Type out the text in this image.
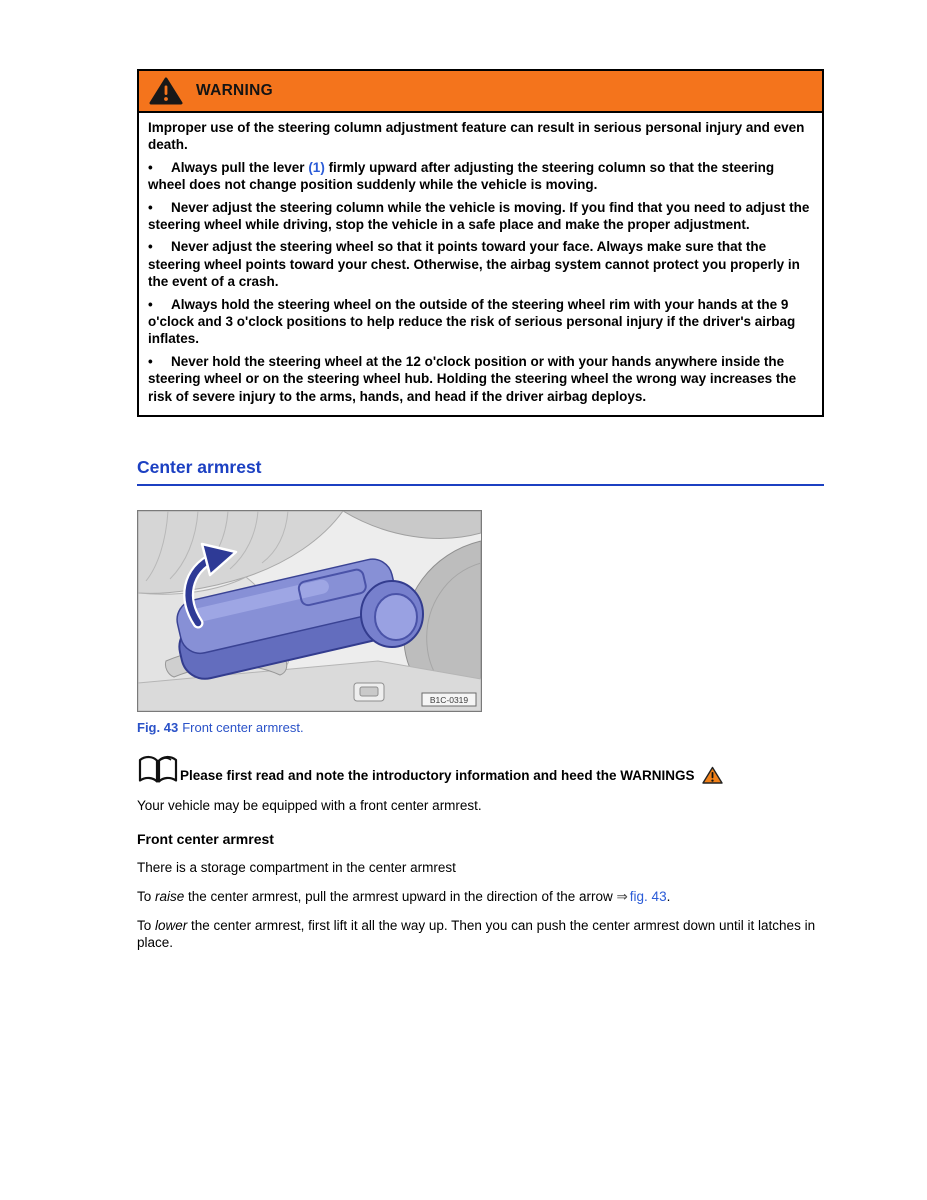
WARNING

Improper use of the steering column adjustment feature can result in serious personal injury and even death.

• Always pull the lever (1) firmly upward after adjusting the steering column so that the steering wheel does not change position suddenly while the vehicle is moving.

• Never adjust the steering column while the vehicle is moving. If you find that you need to adjust the steering wheel while driving, stop the vehicle in a safe place and make the proper adjustment.

• Never adjust the steering wheel so that it points toward your face. Always make sure that the steering wheel points toward your chest. Otherwise, the airbag system cannot protect you properly in the event of a crash.

• Always hold the steering wheel on the outside of the steering wheel rim with your hands at the 9 o'clock and 3 o'clock positions to help reduce the risk of serious personal injury if the driver's airbag inflates.

• Never hold the steering wheel at the 12 o'clock position or with your hands anywhere inside the steering wheel or on the steering wheel hub. Holding the steering wheel the wrong way increases the risk of severe injury to the arms, hands, and head if the driver airbag deploys.

Center armrest
B1C-0319

Fig. 43 Front center armrest.

Please first read and note the introductory information and heed the WARNINGS

Your vehicle may be equipped with a front center armrest.

Front center armrest

There is a storage compartment in the center armrest

To raise the center armrest, pull the armrest upward in the direction of the arrow ⇒ fig. 43.

To lower the center armrest, first lift it all the way up. Then you can push the center armrest down until it latches in place.
